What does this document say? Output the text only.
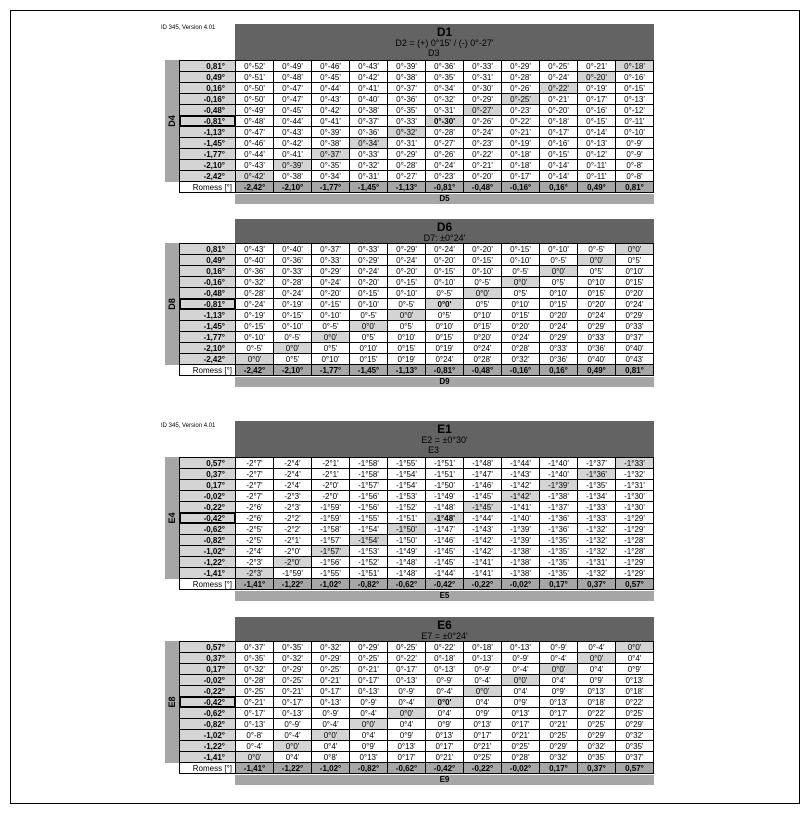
ID 345, Version 4.01
ID 345, Version 4.01
D1
D2 = (+) 0°15' / (-) 0°-27'
D3
0,81°	0°-52'	0°-49'	0°-46'	0°-43'	0°-39'	0°-36'	0°-33'	0°-29'	0°-25'	0°-21'	0°-18'
0,49°	0°-51'	0°-48'	0°-45'	0°-42'	0°-38'	0°-35'	0°-31'	0°-28'	0°-24'	0°-20'	0°-16'
0,16°	0°-50'	0°-47'	0°-44'	0°-41'	0°-37'	0°-34'	0°-30'	0°-26'	0°-22'	0°-19'	0°-15'
-0,16°	0°-50'	0°-47'	0°-43'	0°-40'	0°-36'	0°-32'	0°-29'	0°-25'	0°-21'	0°-17'	0°-13'
-0,48°	0°-49'	0°-45'	0°-42'	0°-38'	0°-35'	0°-31'	0°-27'	0°-23'	0°-20'	0°-16'	0°-12'
-0,81°	0°-48'	0°-44'	0°-41'	0°-37'	0°-33'	0°-30'	0°-26'	0°-22'	0°-18'	0°-15'	0°-11'
-1,13°	0°-47'	0°-43'	0°-39'	0°-36'	0°-32'	0°-28'	0°-24'	0°-21'	0°-17'	0°-14'	0°-10'
-1,45°	0°-46'	0°-42'	0°-38'	0°-34'	0°-31'	0°-27'	0°-23'	0°-19'	0°-16'	0°-13'	0°-9'
-1,77°	0°-44'	0°-41'	0°-37'	0°-33'	0°-29'	0°-26'	0°-22'	0°-18'	0°-15'	0°-12'	0°-9'
-2,10°	0°-43'	0°-39'	0°-35'	0°-32'	0°-28'	0°-24'	0°-21'	0°-18'	0°-14'	0°-11'	0°-8'
-2,42°	0°-42'	0°-38'	0°-34'	0°-31'	0°-27'	0°-23'	0°-20'	0°-17'	0°-14'	0°-11'	0°-8'
Romess [°]	-2,42°	-2,10°	-1,77°	-1,45°	-1,13°	-0,81°	-0,48°	-0,16°	0,16°	0,49°	0,81°
D4
D5
D6
D7: ±0°24'
0,81°	0°-43'	0°-40'	0°-37'	0°-33'	0°-29'	0°-24'	0°-20'	0°-15'	0°-10'	0°-5'	0°0'
0,49°	0°-40'	0°-36'	0°-33'	0°-29'	0°-24'	0°-20'	0°-15'	0°-10'	0°-5'	0°0'	0°5'
0,16°	0°-36'	0°-33'	0°-29'	0°-24'	0°-20'	0°-15'	0°-10'	0°-5'	0°0'	0°5'	0°10'
-0,16°	0°-32'	0°-28'	0°-24'	0°-20'	0°-15'	0°-10'	0°-5'	0°0'	0°5'	0°10'	0°15'
-0,48°	0°-28'	0°-24'	0°-20'	0°-15'	0°-10'	0°-5'	0°0'	0°5'	0°10'	0°15'	0°20'
-0,81°	0°-24'	0°-19'	0°-15'	0°-10'	0°-5'	0°0'	0°5'	0°10'	0°15'	0°20'	0°24'
-1,13°	0°-19'	0°-15'	0°-10'	0°-5'	0°0'	0°5'	0°10'	0°15'	0°20'	0°24'	0°29'
-1,45°	0°-15'	0°-10'	0°-5'	0°0'	0°5'	0°10'	0°15'	0°20'	0°24'	0°29'	0°33'
-1,77°	0°-10'	0°-5'	0°0'	0°5'	0°10'	0°15'	0°20'	0°24'	0°29'	0°33'	0°37'
-2,10°	0°-5'	0°0'	0°5'	0°10'	0°15'	0°19'	0°24'	0°28'	0°33'	0°36'	0°40'
-2,42°	0°0'	0°5'	0°10'	0°15'	0°19'	0°24'	0°28'	0°32'	0°36'	0°40'	0°43'
Romess [°]	-2,42°	-2,10°	-1,77°	-1,45°	-1,13°	-0,81°	-0,48°	-0,16°	0,16°	0,49°	0,81°
D8
D9
E1
E2 = ±0°30'
E3
0,57°	-2°7'	-2°4'	-2°1'	-1°58'	-1°55'	-1°51'	-1°48'	-1°44'	-1°40'	-1°37'	-1°33'
0,37°	-2°7'	-2°4'	-2°1'	-1°58'	-1°54'	-1°51'	-1°47'	-1°43'	-1°40'	-1°36'	-1°32'
0,17°	-2°7'	-2°4'	-2°0'	-1°57'	-1°54'	-1°50'	-1°46'	-1°42'	-1°39'	-1°35'	-1°31'
-0,02°	-2°7'	-2°3'	-2°0'	-1°56'	-1°53'	-1°49'	-1°45'	-1°42'	-1°38'	-1°34'	-1°30'
-0,22°	-2°6'	-2°3'	-1°59'	-1°56'	-1°52'	-1°48'	-1°45'	-1°41'	-1°37'	-1°33'	-1°30'
-0,42°	-2°6'	-2°2'	-1°59'	-1°55'	-1°51'	-1°48'	-1°44'	-1°40'	-1°36'	-1°33'	-1°29'
-0,62°	-2°5'	-2°2'	-1°58'	-1°54'	-1°50'	-1°47'	-1°43'	-1°39'	-1°36'	-1°32'	-1°29'
-0,82°	-2°5'	-2°1'	-1°57'	-1°54'	-1°50'	-1°46'	-1°42'	-1°39'	-1°35'	-1°32'	-1°28'
-1,02°	-2°4'	-2°0'	-1°57'	-1°53'	-1°49'	-1°45'	-1°42'	-1°38'	-1°35'	-1°32'	-1°28'
-1,22°	-2°3'	-2°0'	-1°56'	-1°52'	-1°48'	-1°45'	-1°41'	-1°38'	-1°35'	-1°31'	-1°29'
-1,41°	-2°3'	-1°59'	-1°55'	-1°51'	-1°48'	-1°44'	-1°41'	-1°38'	-1°35'	-1°32'	-1°29'
Romess [°]	-1,41°	-1,22°	-1,02°	-0,82°	-0,62°	-0,42°	-0,22°	-0,02°	0,17°	0,37°	0,57°
E4
E5
E6
E7 = ±0°24'
0,57°	0°-37'	0°-35'	0°-32'	0°-29'	0°-25'	0°-22'	0°-18'	0°-13'	0°-9'	0°-4'	0°0'
0,37°	0°-35'	0°-32'	0°-29'	0°-25'	0°-22'	0°-18'	0°-13'	0°-9'	0°-4'	0°0'	0°4'
0,17°	0°-32'	0°-29'	0°-25'	0°-21'	0°-17'	0°-13'	0°-9'	0°-4'	0°0'	0°4'	0°9'
-0,02°	0°-28'	0°-25'	0°-21'	0°-17'	0°-13'	0°-9'	0°-4'	0°0'	0°4'	0°9'	0°13'
-0,22°	0°-25'	0°-21'	0°-17'	0°-13'	0°-9'	0°-4'	0°0'	0°4'	0°9'	0°13'	0°18'
-0,42°	0°-21'	0°-17'	0°-13'	0°-9'	0°-4'	0°0'	0°4'	0°9'	0°13'	0°18'	0°22'
-0,62°	0°-17'	0°-13'	0°-9'	0°-4'	0°0'	0°4'	0°9'	0°13'	0°17'	0°22'	0°25'
-0,82°	0°-13'	0°-9'	0°-4'	0°0'	0°4'	0°9'	0°13'	0°17'	0°21'	0°25'	0°29'
-1,02°	0°-8'	0°-4'	0°0'	0°4'	0°9'	0°13'	0°17'	0°21'	0°25'	0°29'	0°32'
-1,22°	0°-4'	0°0'	0°4'	0°9'	0°13'	0°17'	0°21'	0°25'	0°29'	0°32'	0°35'
-1,41°	0°0'	0°4'	0°8'	0°13'	0°17'	0°21'	0°25'	0°28'	0°32'	0°35'	0°37'
Romess [°]	-1,41°	-1,22°	-1,02°	-0,82°	-0,62°	-0,42°	-0,22°	-0,02°	0,17°	0,37°	0,57°
E8
E9
